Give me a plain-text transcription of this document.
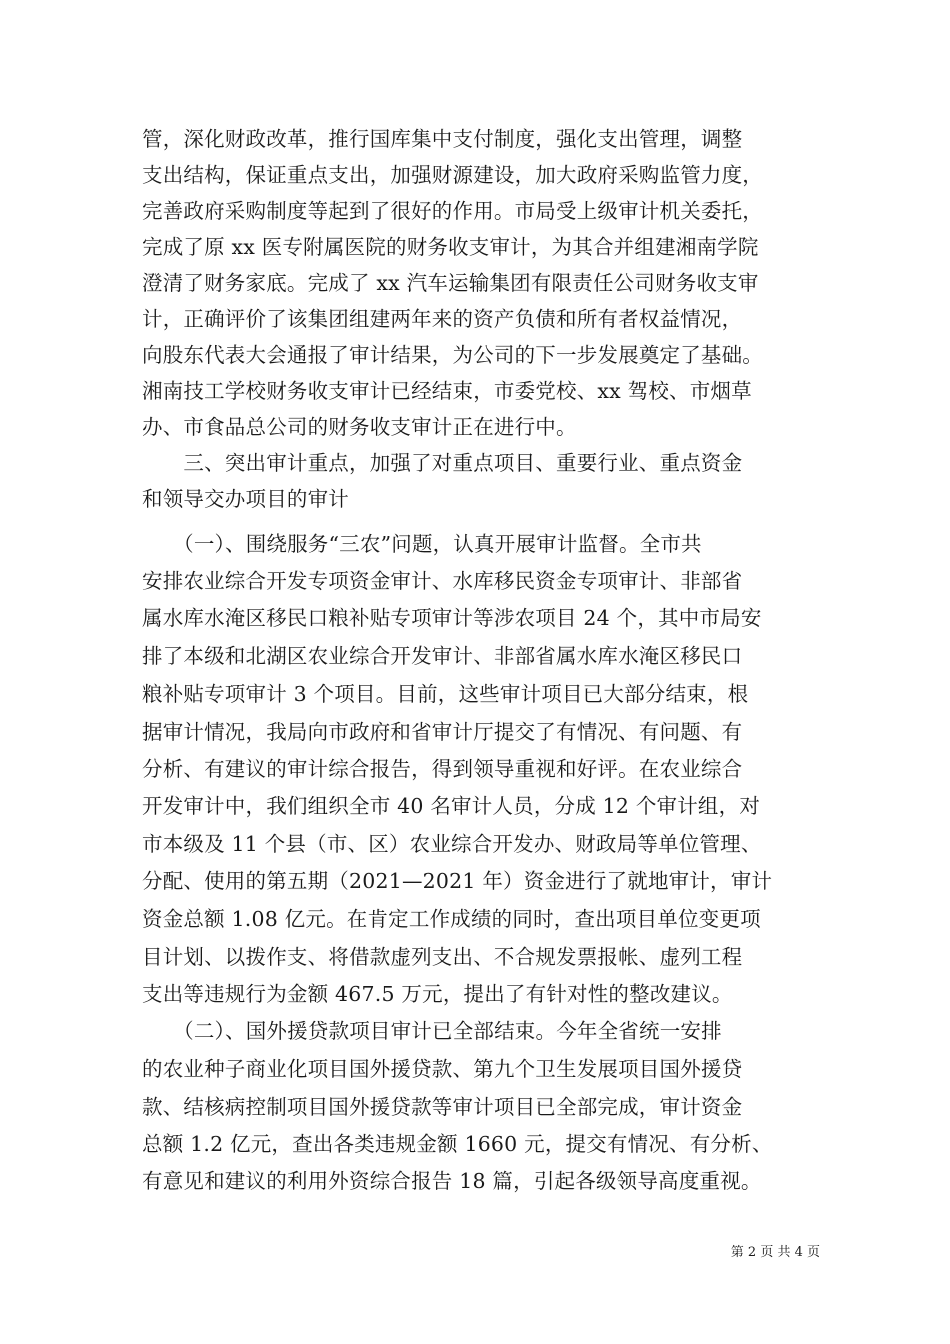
管，深化财政改革，推行国库集中支付制度，强化支出管理，调整
支出结构，保证重点支出，加强财源建设，加大政府采购监管力度，
完善政府采购制度等起到了很好的作用。市局受上级审计机关委托，
完成了原 xx 医专附属医院的财务收支审计，为其合并组建湘南学院
澄清了财务家底。完成了 xx 汽车运输集团有限责任公司财务收支审
计，正确评价了该集团组建两年来的资产负债和所有者权益情况，
向股东代表大会通报了审计结果，为公司的下一步发展奠定了基础。
湘南技工学校财务收支审计已经结束，市委党校、xx 驾校、市烟草
办、市食品总公司的财务收支审计正在进行中。
　　三、突出审计重点，加强了对重点项目、重要行业、重点资金
和领导交办项目的审计
　　（一）、围绕服务“三农”问题，认真开展审计监督。全市共
安排农业综合开发专项资金审计、水库移民资金专项审计、非部省
属水库水淹区移民口粮补贴专项审计等涉农项目 24 个，其中市局安
排了本级和北湖区农业综合开发审计、非部省属水库水淹区移民口
粮补贴专项审计 3 个项目。目前，这些审计项目已大部分结束，根
据审计情况，我局向市政府和省审计厅提交了有情况、有问题、有
分析、有建议的审计综合报告，得到领导重视和好评。在农业综合
开发审计中，我们组织全市 40 名审计人员，分成 12 个审计组，对
市本级及 11 个县（市、区）农业综合开发办、财政局等单位管理、
分配、使用的第五期（2021—2021 年）资金进行了就地审计，审计
资金总额 1.08 亿元。在肯定工作成绩的同时，查出项目单位变更项
目计划、以拨作支、将借款虚列支出、不合规发票报帐、虚列工程
支出等违规行为金额 467.5 万元，提出了有针对性的整改建议。
　　（二）、国外援贷款项目审计已全部结束。今年全省统一安排
的农业种子商业化项目国外援贷款、第九个卫生发展项目国外援贷
款、结核病控制项目国外援贷款等审计项目已全部完成，审计资金
总额 1.2 亿元，查出各类违规金额 1660 元，提交有情况、有分析、
有意见和建议的利用外资综合报告 18 篇，引起各级领导高度重视。
第 2 页 共 4 页
